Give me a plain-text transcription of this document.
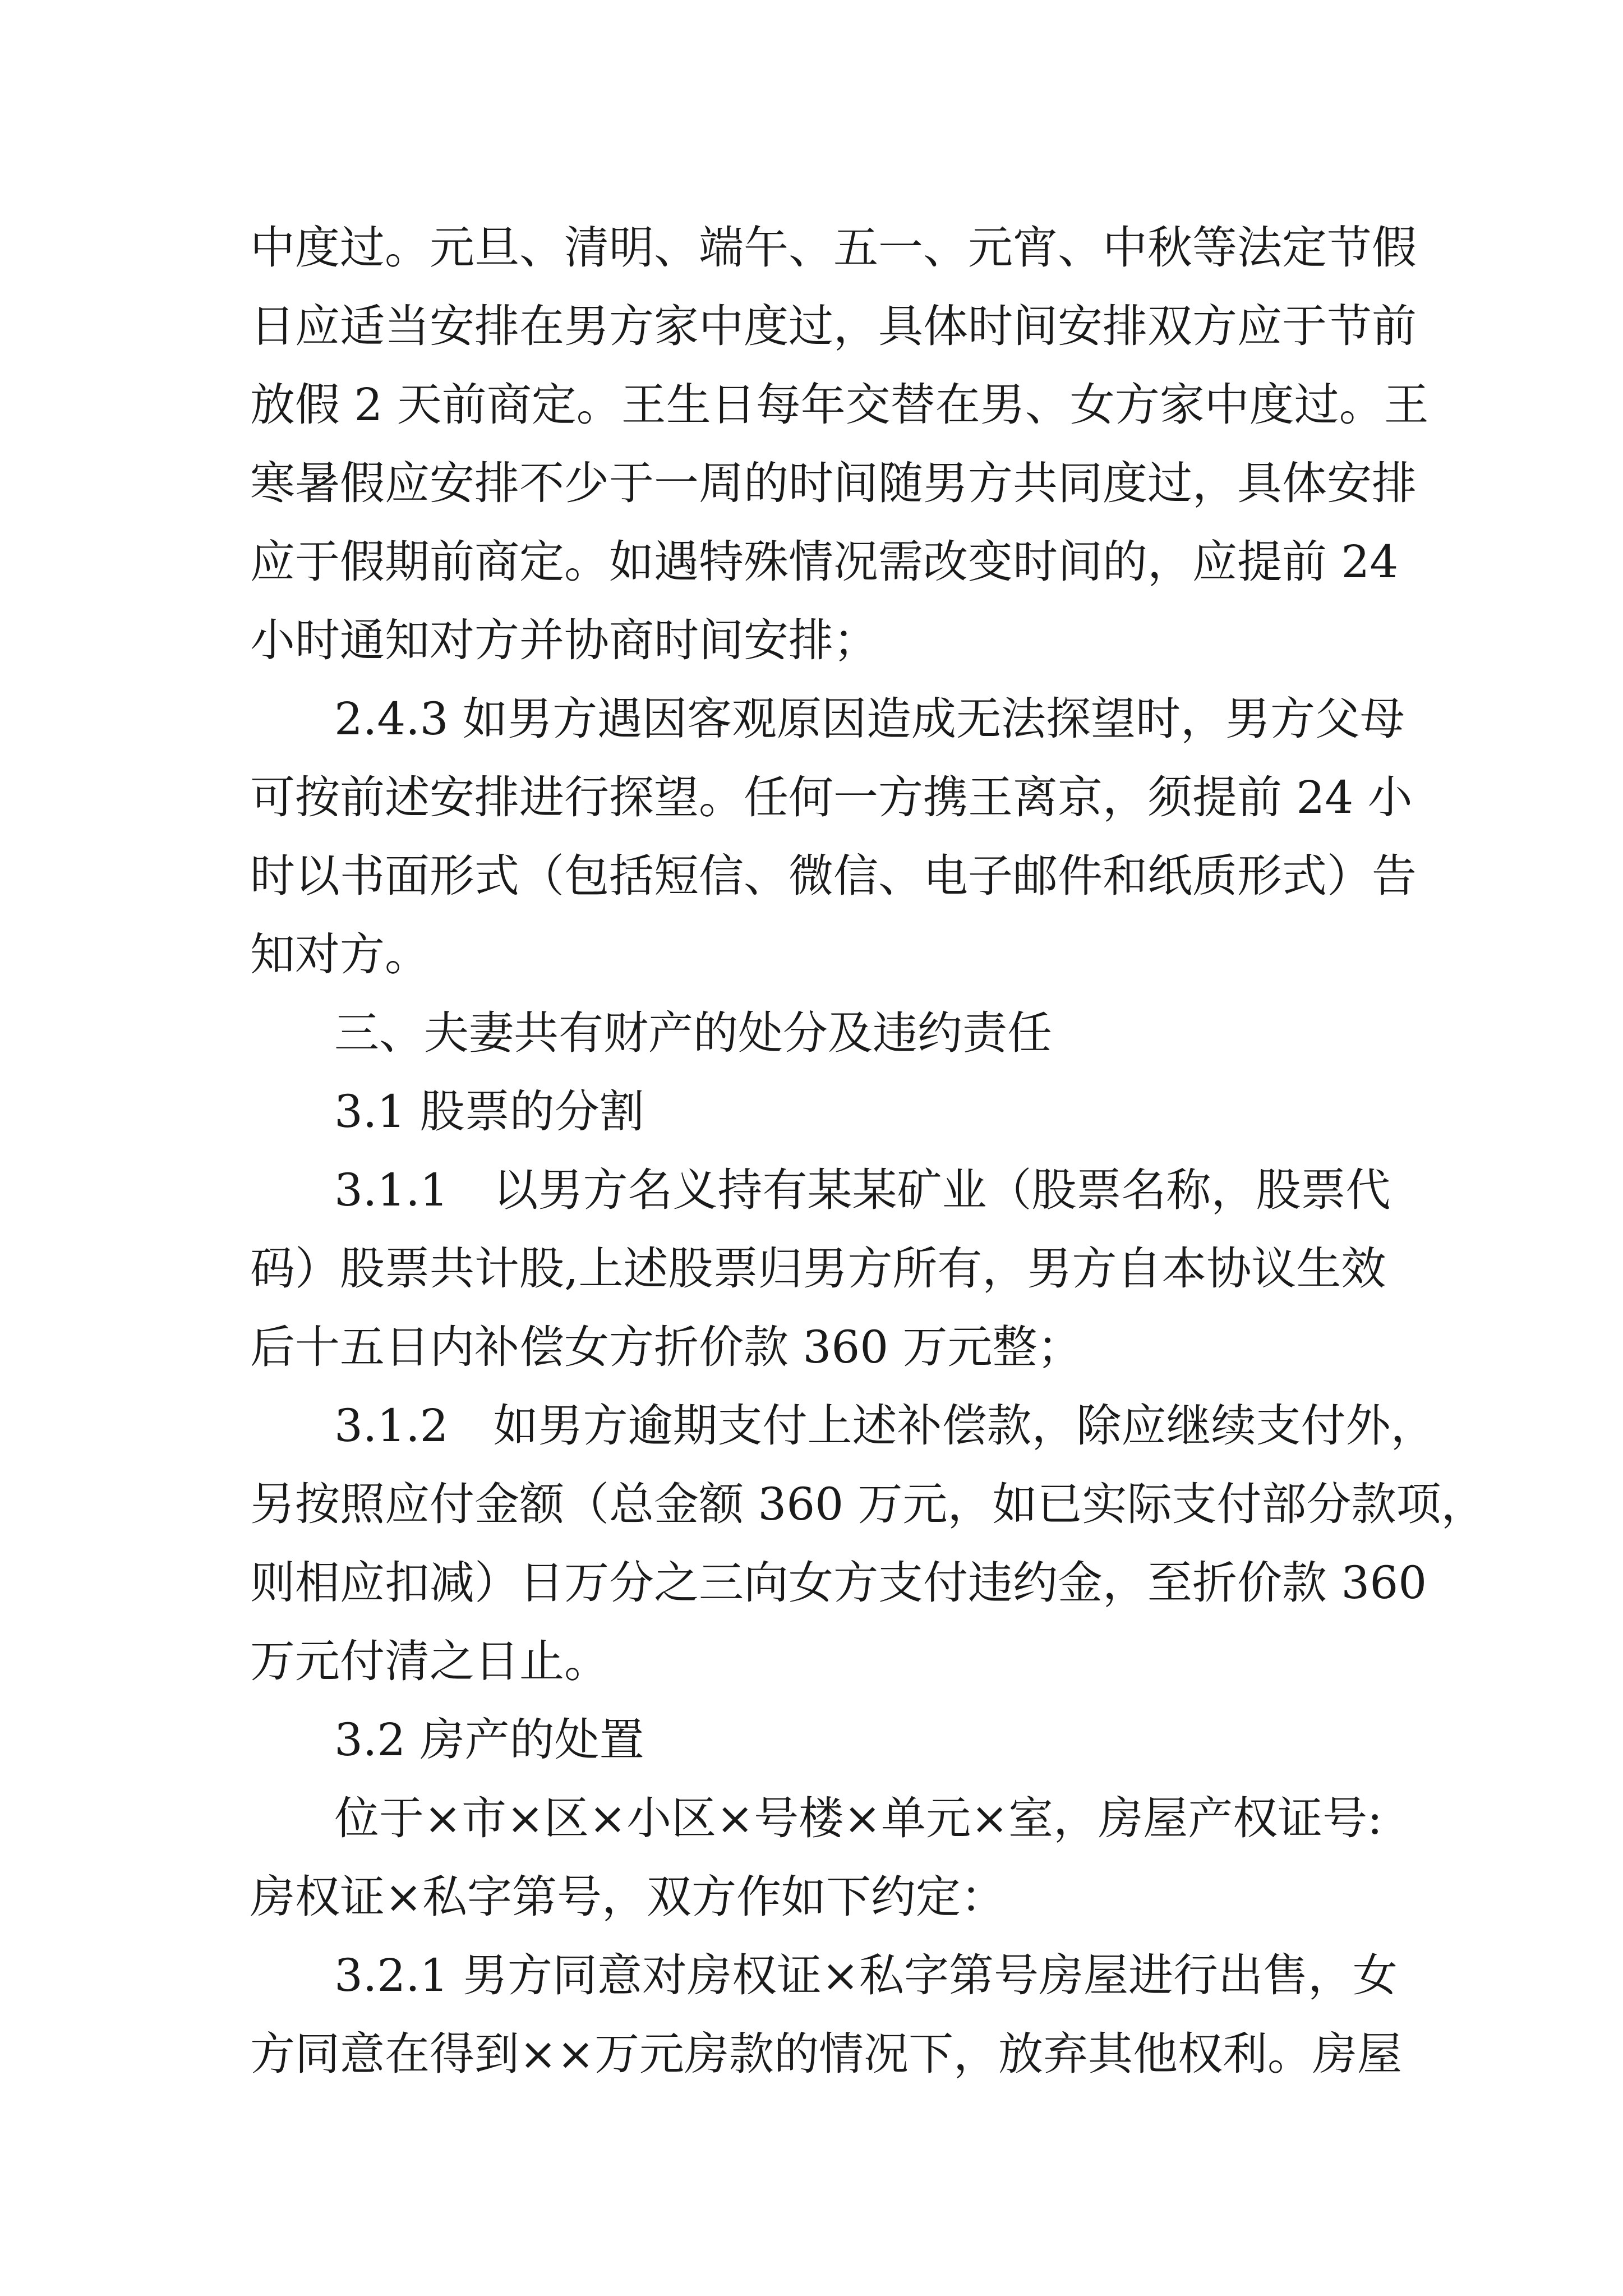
中度过。元旦、清明、端午、五一、元宵、中秋等法定节假

日应适当安排在男方家中度过，具体时间安排双方应于节前

放假 2 天前商定。王生日每年交替在男、女方家中度过。王

寒暑假应安排不少于一周的时间随男方共同度过，具体安排

应于假期前商定。如遇特殊情况需改变时间的，应提前 24

小时通知对方并协商时间安排；

2.4.3 如男方遇因客观原因造成无法探望时，男方父母

可按前述安排进行探望。任何一方携王离京，须提前 24 小

时以书面形式（包括短信、微信、电子邮件和纸质形式）告

知对方。

三、夫妻共有财产的处分及违约责任

3.1 股票的分割

3.1.1　以男方名义持有某某矿业（股票名称，股票代

码）股票共计股,上述股票归男方所有，男方自本协议生效

后十五日内补偿女方折价款 360 万元整；

3.1.2　如男方逾期支付上述补偿款，除应继续支付外，

另按照应付金额（总金额 360 万元，如已实际支付部分款项，

则相应扣减）日万分之三向女方支付违约金，至折价款 360

万元付清之日止。

3.2 房产的处置

位于×市×区×小区×号楼×单元×室，房屋产权证号:

房权证×私字第号，双方作如下约定：

3.2.1 男方同意对房权证×私字第号房屋进行出售，女

方同意在得到××万元房款的情况下，放弃其他权利。房屋
